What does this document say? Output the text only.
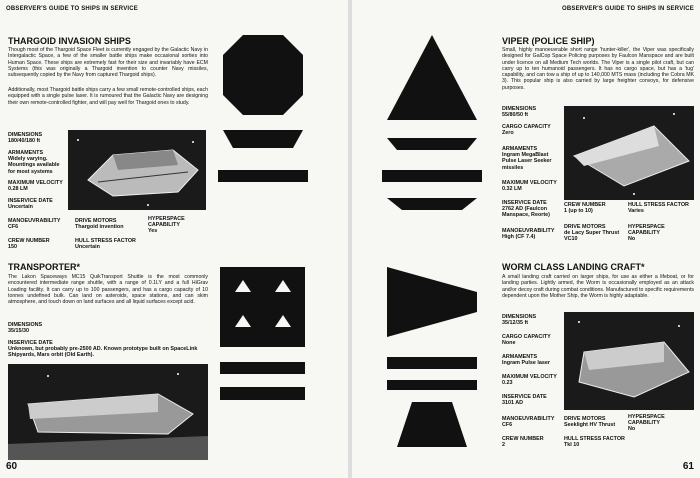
OBSERVER'S GUIDE TO SHIPS IN SERVICE
THARGOID INVASION SHIPS

Though most of the Thargoid Space Fleet is currently engaged by the Galactic Navy in Intergalactic Space, a few of the smaller battle ships make occasional sorties into Human Space. These ships are extremely fast for their size and invariably have ECM Systems (this was originally a Thargoid invention to counter Navy missiles, subsequently copied by the Navy from captured Thargoid ships).

Additionally, most Thargoid battle ships carry a few small remote-controlled ships, each equipped with a single pulse laser. It is rumoured that the Galactic Navy are designing their own remote-controlled fighter, and will pay well for Thargoid ones to study.

DIMENSIONS
180/40/180 ft
ARMAMENTS
Widely varying. Mountings available for most systems
MAXIMUM VELOCITY
0.28 LM
INSERVICE DATE
Uncertain
MANOEUVRABILITY
CF6
DRIVE MOTORS
Thargoid invention
HYPERSPACE CAPABILITY
Yes
CREW NUMBER
150
HULL STRESS FACTOR
Uncertain
TRANSPORTER*

The Lakon Spaceways MC15 QuikTransport Shuttle is the most commonly encountered intermediate range shuttle, with a range of 0.1LY and a full HiGrav Loading facility. It can carry up to 100 passengers, and has a cargo capacity of 10 tonnes undefined bulk. Can land on asteroids, space stations, and can skim atmosphere, and touch down on land surfaces and all liquid surfaces except acid.

DIMENSIONS
35/15/30
INSERVICE DATE
Unknown, but probably pre-2500 AD. Known prototype built on SpaceLink Shipyards, Mars orbit (Old Earth).
60
OBSERVER'S GUIDE TO SHIPS IN SERVICE
VIPER (POLICE SHIP)

Small, highly manoeuvrable short range 'hunter-killer', the Viper was specifically designed for GalCop Space Policing purposes by Faulcon Manspace and are built under licence on all Medium Tech worlds. The Viper is a single pilot craft, but can carry up to ten humanoid passengers. It has no cargo space, but has a 'tug' capability, and can tow a ship of up to 140,000 MTS mass (including the Cobra MK 3). This popular ship is also carried by large freighter convoys, for defensive purposes.

DIMENSIONS
55/80/50 ft
CARGO CAPACITY
Zero
ARMAMENTS
Ingram MegaBlast Pulse Laser Seeker missiles
MAXIMUM VELOCITY
0.32 LM
INSERVICE DATE
2762 AD (Faulcon Manspace, Reorte)
CREW NUMBER
1 (up to 10)
HULL STRESS FACTOR
Varies
MANOEUVRABILITY
High (CF 7.4)
DRIVE MOTORS
de Lacy Super Thrust VC10
HYPERSPACE CAPABILITY
No
WORM CLASS LANDING CRAFT*

A small landing craft carried on larger ships, for use as either a lifeboat, or for landing parties. Lightly armed, the Worm is occasionally employed as an attack and/or decoy craft during combat conditions. Manufactured to specific requirements dependent upon the Mother Ship, the Worm is highly adaptable.

DIMENSIONS
35/12/35 ft
CARGO CAPACITY
None
ARMAMENTS
Ingram Pulse laser
MAXIMUM VELOCITY
0.23
INSERVICE DATE
3101 AD
MANOEUVRABILITY
CF6
DRIVE MOTORS
Seeklight HV Thrust
HYPERSPACE CAPABILITY
No
CREW NUMBER
2
HULL STRESS FACTOR
TkI 10
61
